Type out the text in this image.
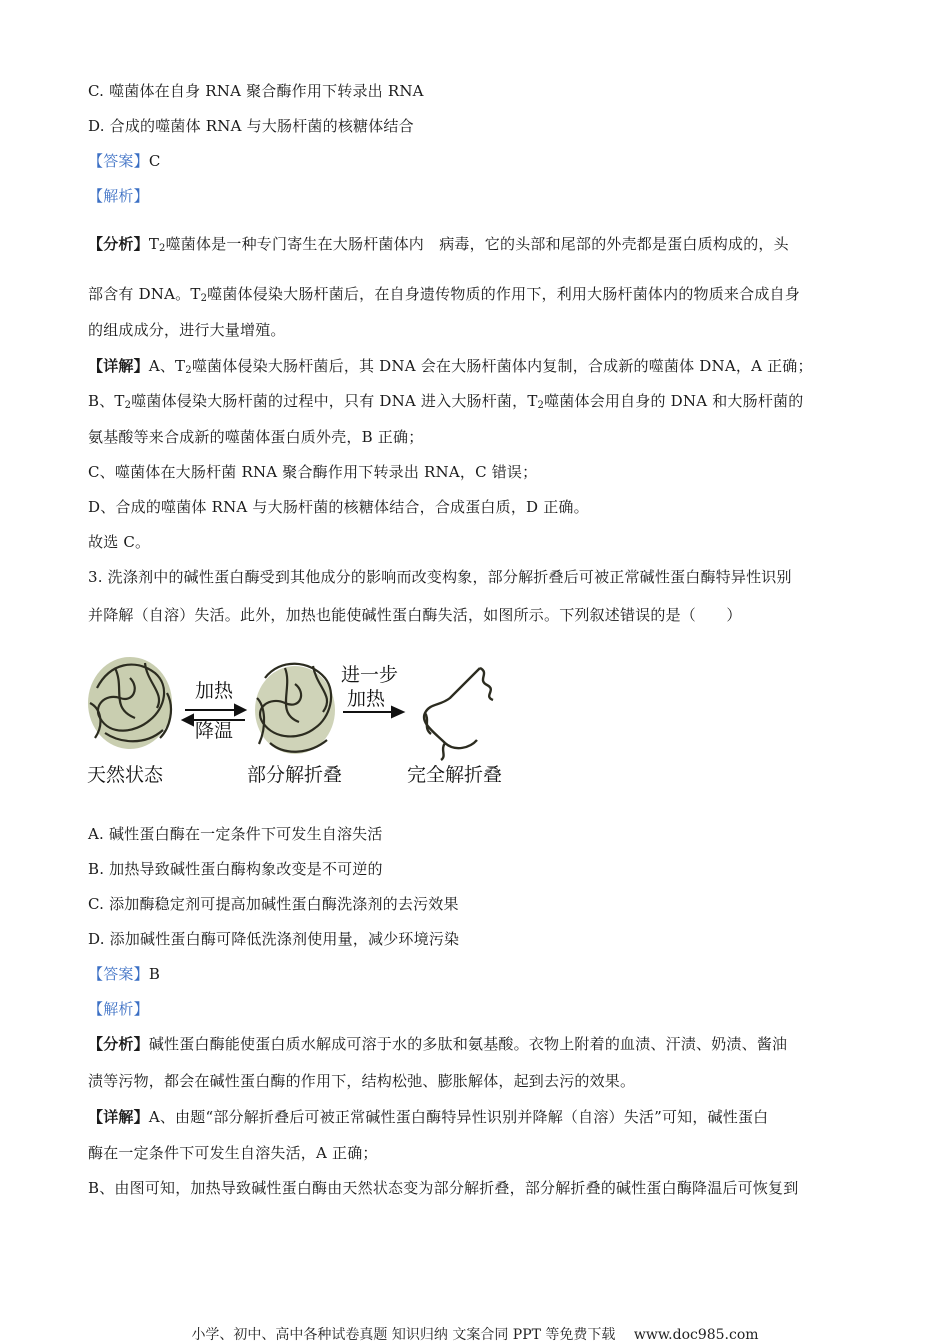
C. 噬菌体在自身 RNA 聚合酶作用下转录出 RNA
D. 合成的噬菌体 RNA 与大肠杆菌的核糖体结合
【答案】C
【解析】
【分析】$T_2$噬菌体是一种专门寄生在大肠杆菌体内　病毒，它的头部和尾部的外壳都是蛋白质构成的，头
部含有 DNA。$T_2$噬菌体侵染大肠杆菌后，在自身遗传物质的作用下，利用大肠杆菌体内的物质来合成自身
的组成成分，进行大量增殖。
【详解】A、$T_2$噬菌体侵染大肠杆菌后，其 DNA 会在大肠杆菌体内复制，合成新的噬菌体 DNA，A 正确；
B、$T_2$噬菌体侵染大肠杆菌的过程中，只有 DNA 进入大肠杆菌，$T_2$噬菌体会用自身的 DNA 和大肠杆菌的
氨基酸等来合成新的噬菌体蛋白质外壳，B 正确；
C、噬菌体在大肠杆菌 RNA 聚合酶作用下转录出 RNA，C 错误；
D、合成的噬菌体 RNA 与大肠杆菌的核糖体结合，合成蛋白质，D 正确。
故选 C。
3. 洗涤剂中的碱性蛋白酶受到其他成分的影响而改变构象，部分解折叠后可被正常碱性蛋白酶特异性识别
并降解（自溶）失活。此外，加热也能使碱性蛋白酶失活，如图所示。下列叙述错误的是（　　）
天然状态	部分解折叠	完全解折叠
加热
降温
进一步
加热
A. 碱性蛋白酶在一定条件下可发生自溶失活
B. 加热导致碱性蛋白酶构象改变是不可逆的
C. 添加酶稳定剂可提高加碱性蛋白酶洗涤剂的去污效果
D. 添加碱性蛋白酶可降低洗涤剂使用量，减少环境污染
【答案】B
【解析】
【分析】碱性蛋白酶能使蛋白质水解成可溶于水的多肽和氨基酸。衣物上附着的血渍、汗渍、奶渍、酱油
渍等污物，都会在碱性蛋白酶的作用下，结构松弛、膨胀解体，起到去污的效果。
【详解】A、由题“部分解折叠后可被正常碱性蛋白酶特异性识别并降解（自溶）失活”可知，碱性蛋白
酶在一定条件下可发生自溶失活，A 正确；
B、由图可知，加热导致碱性蛋白酶由天然状态变为部分解折叠，部分解折叠的碱性蛋白酶降温后可恢复到
小学、初中、高中各种试卷真题 知识归纳 文案合同 PPT 等免费下载　 www.doc985.com
